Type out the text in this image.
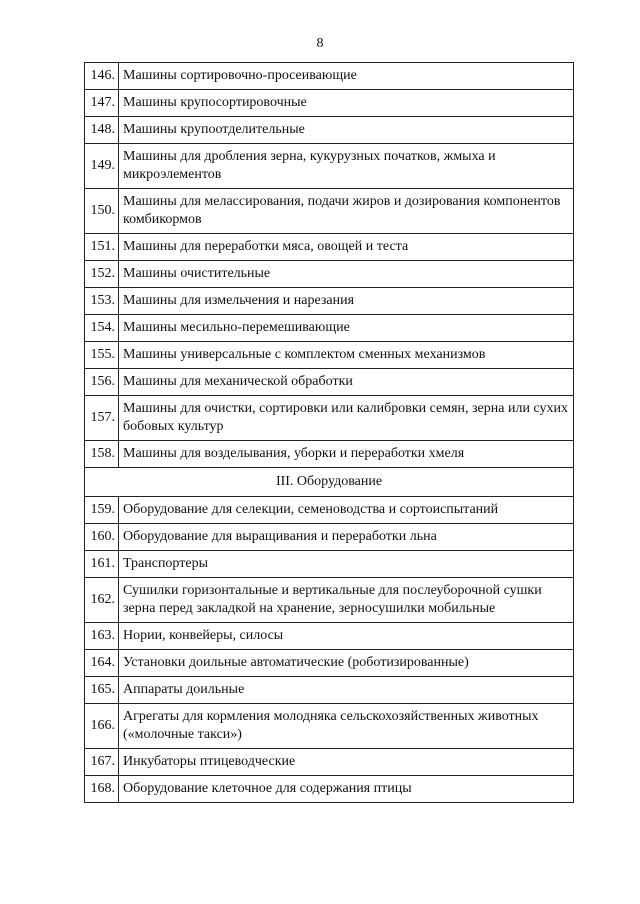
8
146.	Машины сортировочно-просеивающие
147.	Машины крупосортировочные
148.	Машины крупоотделительные
149.	Машины для дробления зерна, кукурузных початков, жмыха и микроэлементов
150.	Машины для мелассирования, подачи жиров и дозирования компонентов комбикормов
151.	Машины для переработки мяса, овощей и теста
152.	Машины очистительные
153.	Машины для измельчения и нарезания
154.	Машины месильно-перемешивающие
155.	Машины универсальные с комплектом сменных механизмов
156.	Машины для механической обработки
157.	Машины для очистки, сортировки или калибровки семян, зерна или сухих бобовых культур
158.	Машины для возделывания, уборки и переработки хмеля
III. Оборудование	
159.	Оборудование для селекции, семеноводства и сортоиспытаний
160.	Оборудование для выращивания и переработки льна
161.	Транспортеры
162.	Сушилки горизонтальные и вертикальные для послеуборочной сушки зерна перед закладкой на хранение, зерносушилки мобильные
163.	Нории, конвейеры, силосы
164.	Установки доильные автоматические (роботизированные)
165.	Аппараты доильные
166.	Агрегаты для кормления молодняка сельскохозяйственных животных («молочные такси»)
167.	Инкубаторы птицеводческие
168.	Оборудование клеточное для содержания птицы
